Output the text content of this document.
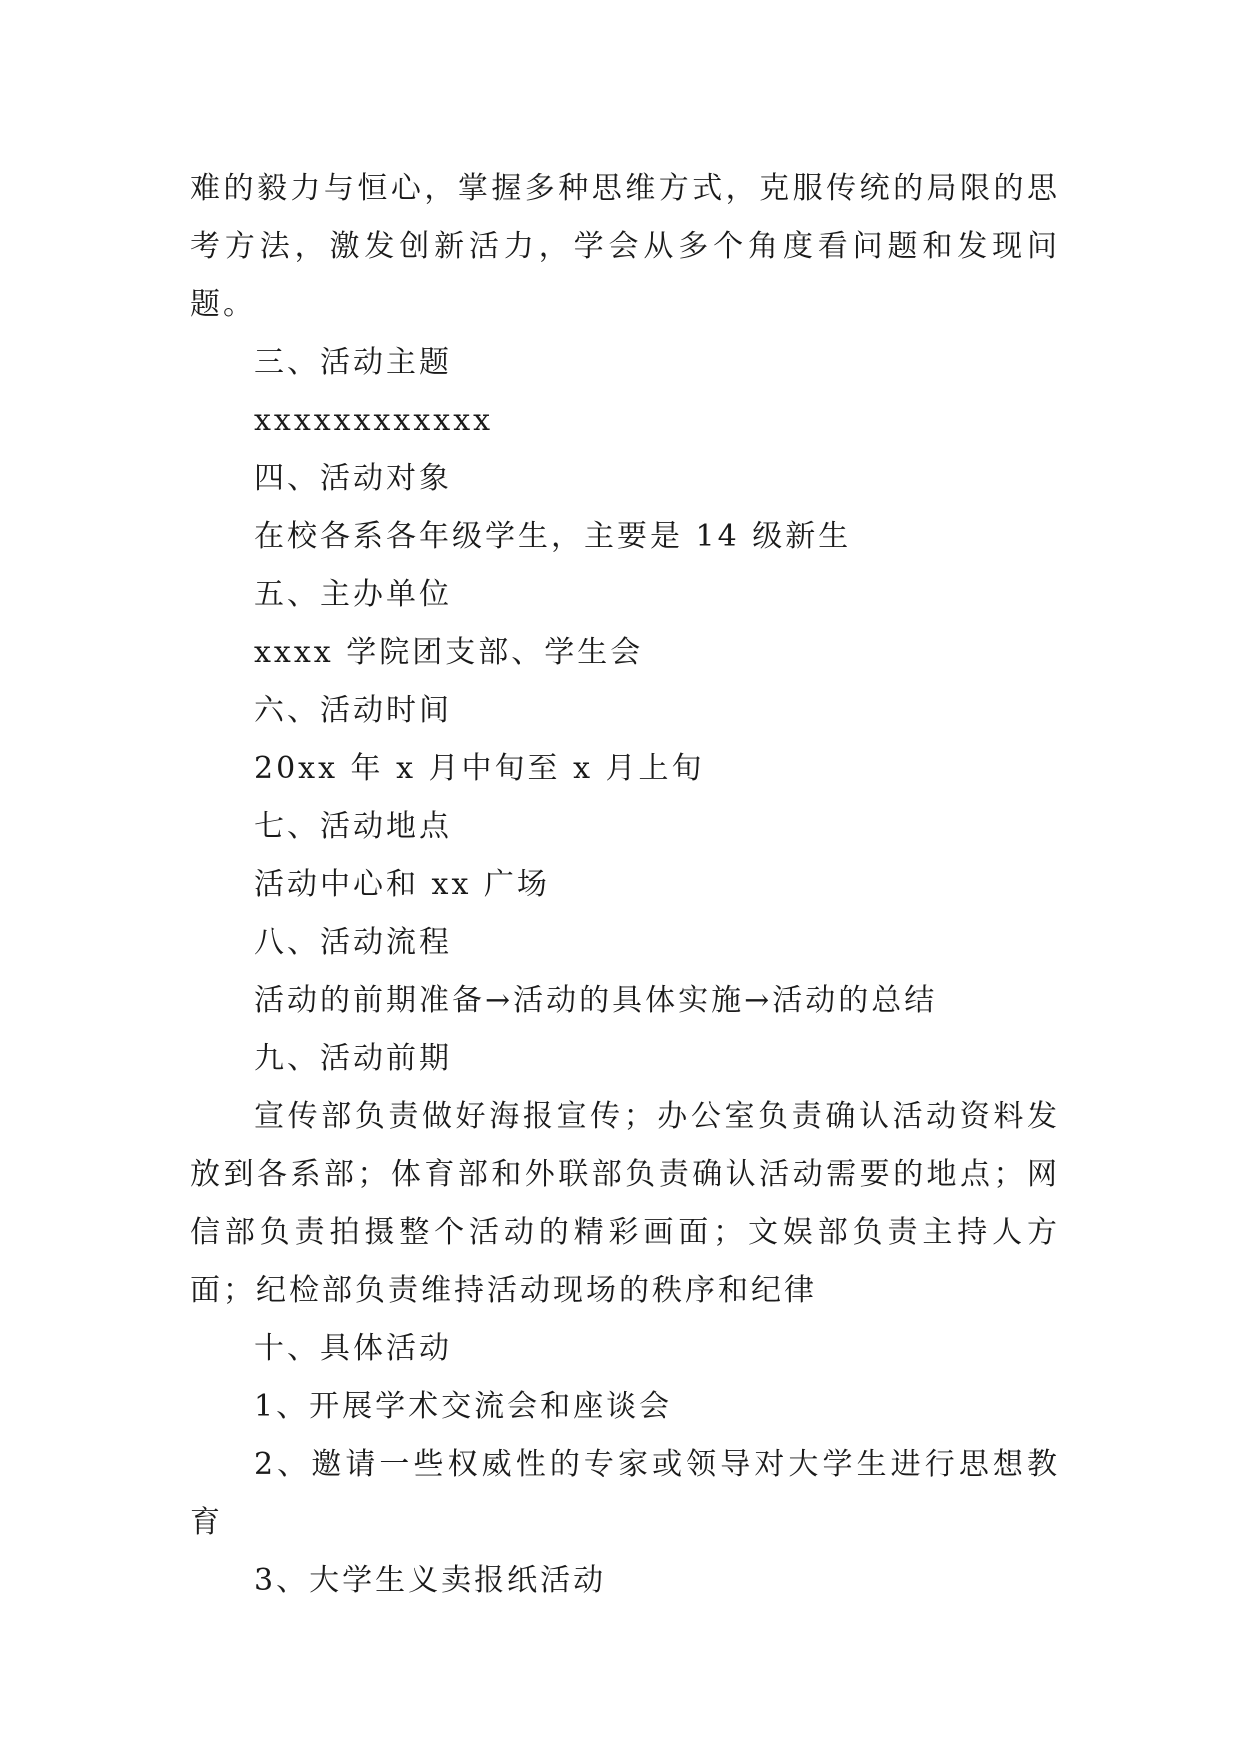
难的毅力与恒心，掌握多种思维方式，克服传统的局限的思考方法，激发创新活力，学会从多个角度看问题和发现问题。

三、活动主题

xxxxxxxxxxxx

四、活动对象

在校各系各年级学生，主要是 14 级新生

五、主办单位

xxxx 学院团支部、学生会

六、活动时间

20xx 年 x 月中旬至 x 月上旬

七、活动地点

活动中心和 xx 广场

八、活动流程

活动的前期准备→活动的具体实施→活动的总结

九、活动前期

宣传部负责做好海报宣传；办公室负责确认活动资料发放到各系部；体育部和外联部负责确认活动需要的地点；网信部负责拍摄整个活动的精彩画面；文娱部负责主持人方面；纪检部负责维持活动现场的秩序和纪律

十、具体活动

1、开展学术交流会和座谈会

2、邀请一些权威性的专家或领导对大学生进行思想教育

3、大学生义卖报纸活动
